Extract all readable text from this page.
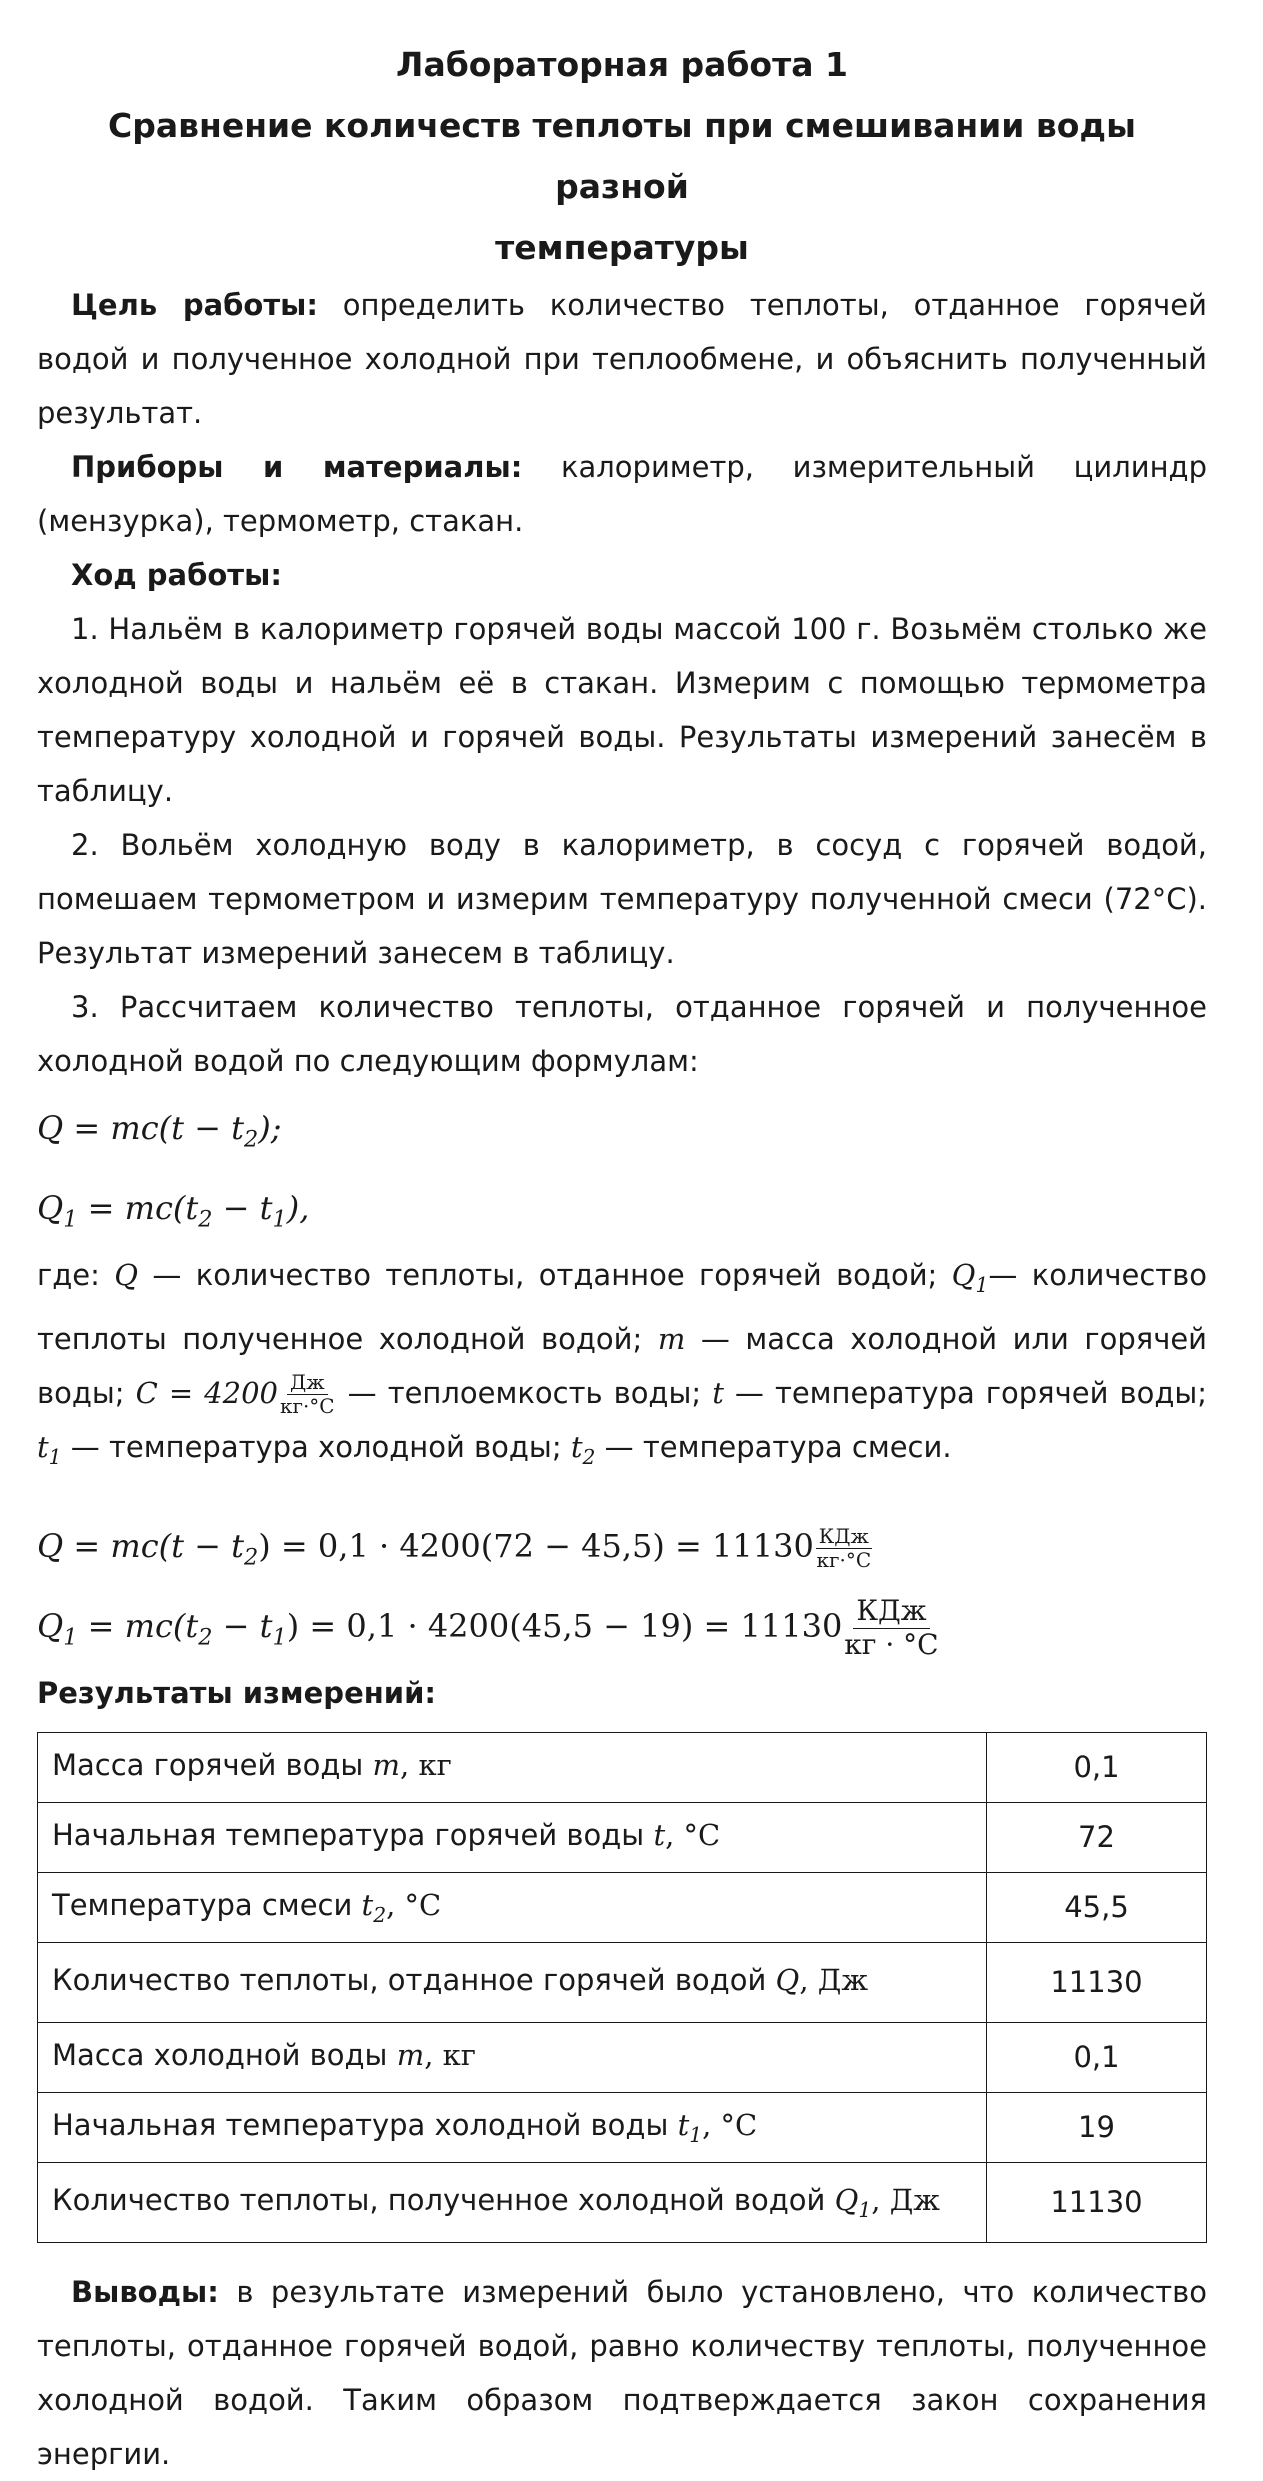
Лабораторная работа 1
Сравнение количеств теплоты при смешивании воды разной
температуры

Цель работы: определить количество теплоты, отданное горячей водой и полученное холодной при теплообмене, и объяснить полученный результат.

Приборы и материалы: калориметр, измерительный цилиндр (мензурка), термометр, стакан.

Ход работы:

1. Нальём в калориметр горячей воды массой 100 г. Возьмём столько же холодной воды и нальём её в стакан. Измерим с помощью термометра температуру холодной и горячей воды. Результаты измерений занесём в таблицу.

2. Вольём холодную воду в калориметр, в сосуд с горячей водой, помешаем термометром и измерим температуру полученной смеси (72°С). Результат измерений занесем в таблицу.

3. Рассчитаем количество теплоты, отданное горячей и полученное холодной водой по следующим формулам:

$Q = mc(t - t_2)$;
$Q_1 = mc(t_2 - t_1)$,

где: Q — количество теплоты, отданное горячей водой; $Q_1—$ количество теплоты полученное холодной водой; m — масса холодной или горячей воды; $C = 4200 \frac{Дж}{кг\cdot^\circ С}$ — теплоемкость воды; t — температура горячей воды; $t_1$ — температура холодной воды; $t_2$ — температура смеси.

$Q = mc(t - t_2) = 0,1 \cdot 4200(72 - 45,5) = 11130 \frac{\text{КДж}}{кг\cdot^\circ С}$
$Q_1 = mc(t_2 - t_1) = 0,1 \cdot 4200(45,5 - 19) = 11130 \frac{\text{КДж}}{кг \cdot ^\circ С}$

Результаты измерений:

Масса горячей воды m, кг	0,1
Начальная температура горячей воды t, °С	72
Температура смеси $t_2$, °С	45,5
Количество теплоты, отданное горячей водой Q, Дж	11130
Масса холодной воды m, кг	0,1
Начальная температура холодной воды $t_1$, °С	19
Количество теплоты, полученное холодной водой $Q_1$, Дж	11130

Выводы: в результате измерений было установлено, что количество теплоты, отданное горячей водой, равно количеству теплоты, полученное холодной водой. Таким образом подтверждается закон сохранения энергии.
